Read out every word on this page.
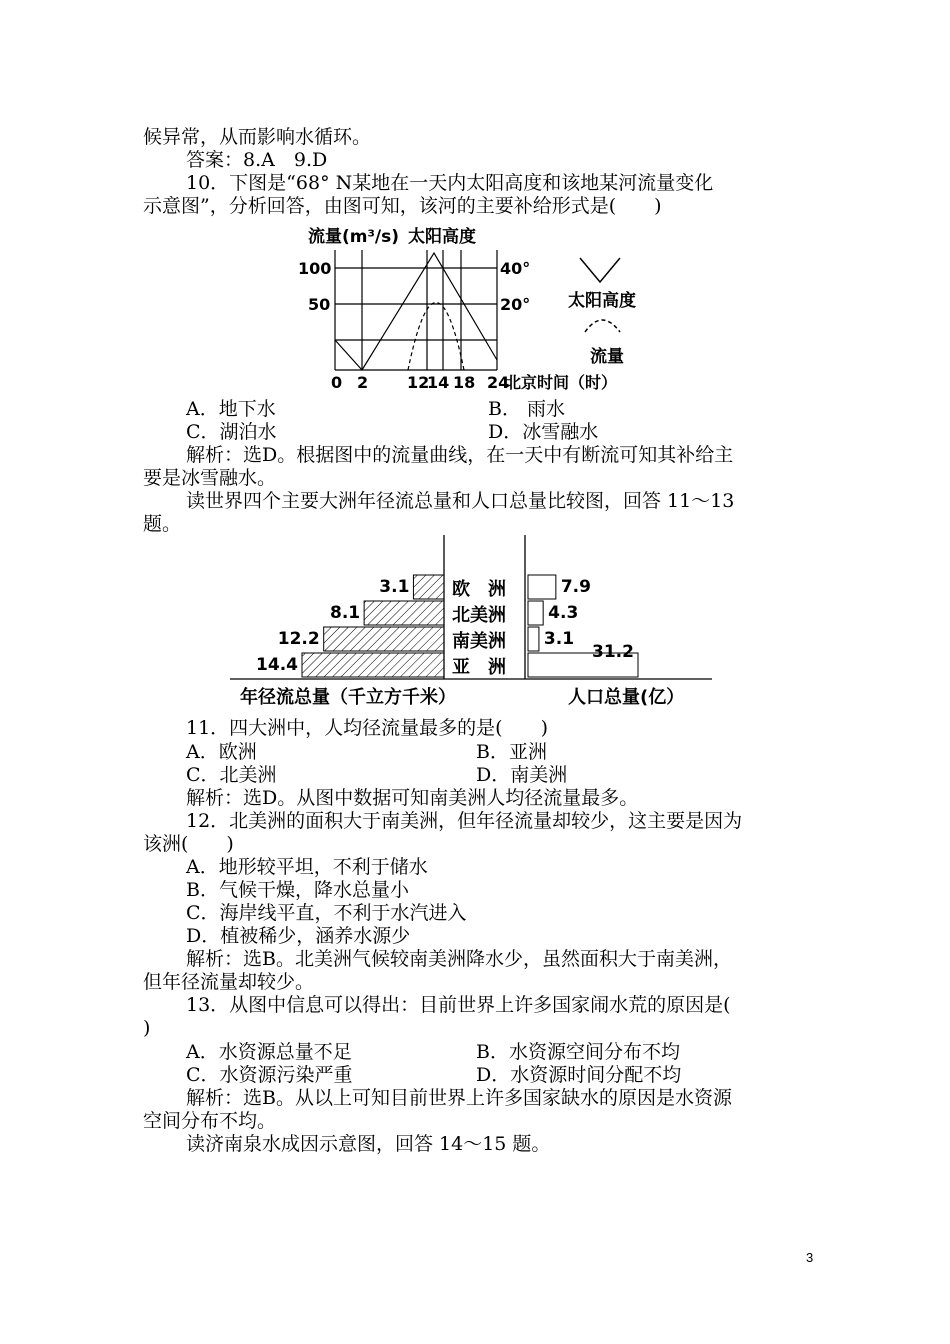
候异常，从而影响水循环。
答案：8.A　9.D
10．下图是“68° N某地在一天内太阳高度和该地某河流量变化
示意图”，分析回答，由图可知，该河的主要补给形式是(　　)
流量(m³/s) 太阳高度
100
50
40°
20°
0 2 12
14 18 24
北京时间（时）
太阳高度
流量
A．地下水	B． 雨水
C．湖泊水	D．冰雪融水
解析：选D。根据图中的流量曲线，在一天中有断流可知其补给主
要是冰雪融水。
读世界四个主要大洲年径流总量和人口总量比较图，回答 11～13
题。
3.1
8.1
12.2
14.4
7.9
4.3
3.1
31.2
欧　洲
北美洲
南美洲
亚　洲
年径流总量（千立方千米）	人口总量(亿）
11．四大洲中，人均径流量最多的是(　　)
A．欧洲	B．亚洲
C．北美洲	D．南美洲
解析：选D。从图中数据可知南美洲人均径流量最多。
12．北美洲的面积大于南美洲，但年径流量却较少，这主要是因为
该洲(　　)
A．地形较平坦，不利于储水
B．气候干燥，降水总量小
C．海岸线平直，不利于水汽进入
D．植被稀少，涵养水源少
解析：选B。北美洲气候较南美洲降水少，虽然面积大于南美洲，
但年径流量却较少。
13．从图中信息可以得出：目前世界上许多国家闹水荒的原因是(
)
A．水资源总量不足	B．水资源空间分布不均
C．水资源污染严重	D．水资源时间分配不均
解析：选B。从以上可知目前世界上许多国家缺水的原因是水资源
空间分布不均。
读济南泉水成因示意图，回答 14～15 题。
3
